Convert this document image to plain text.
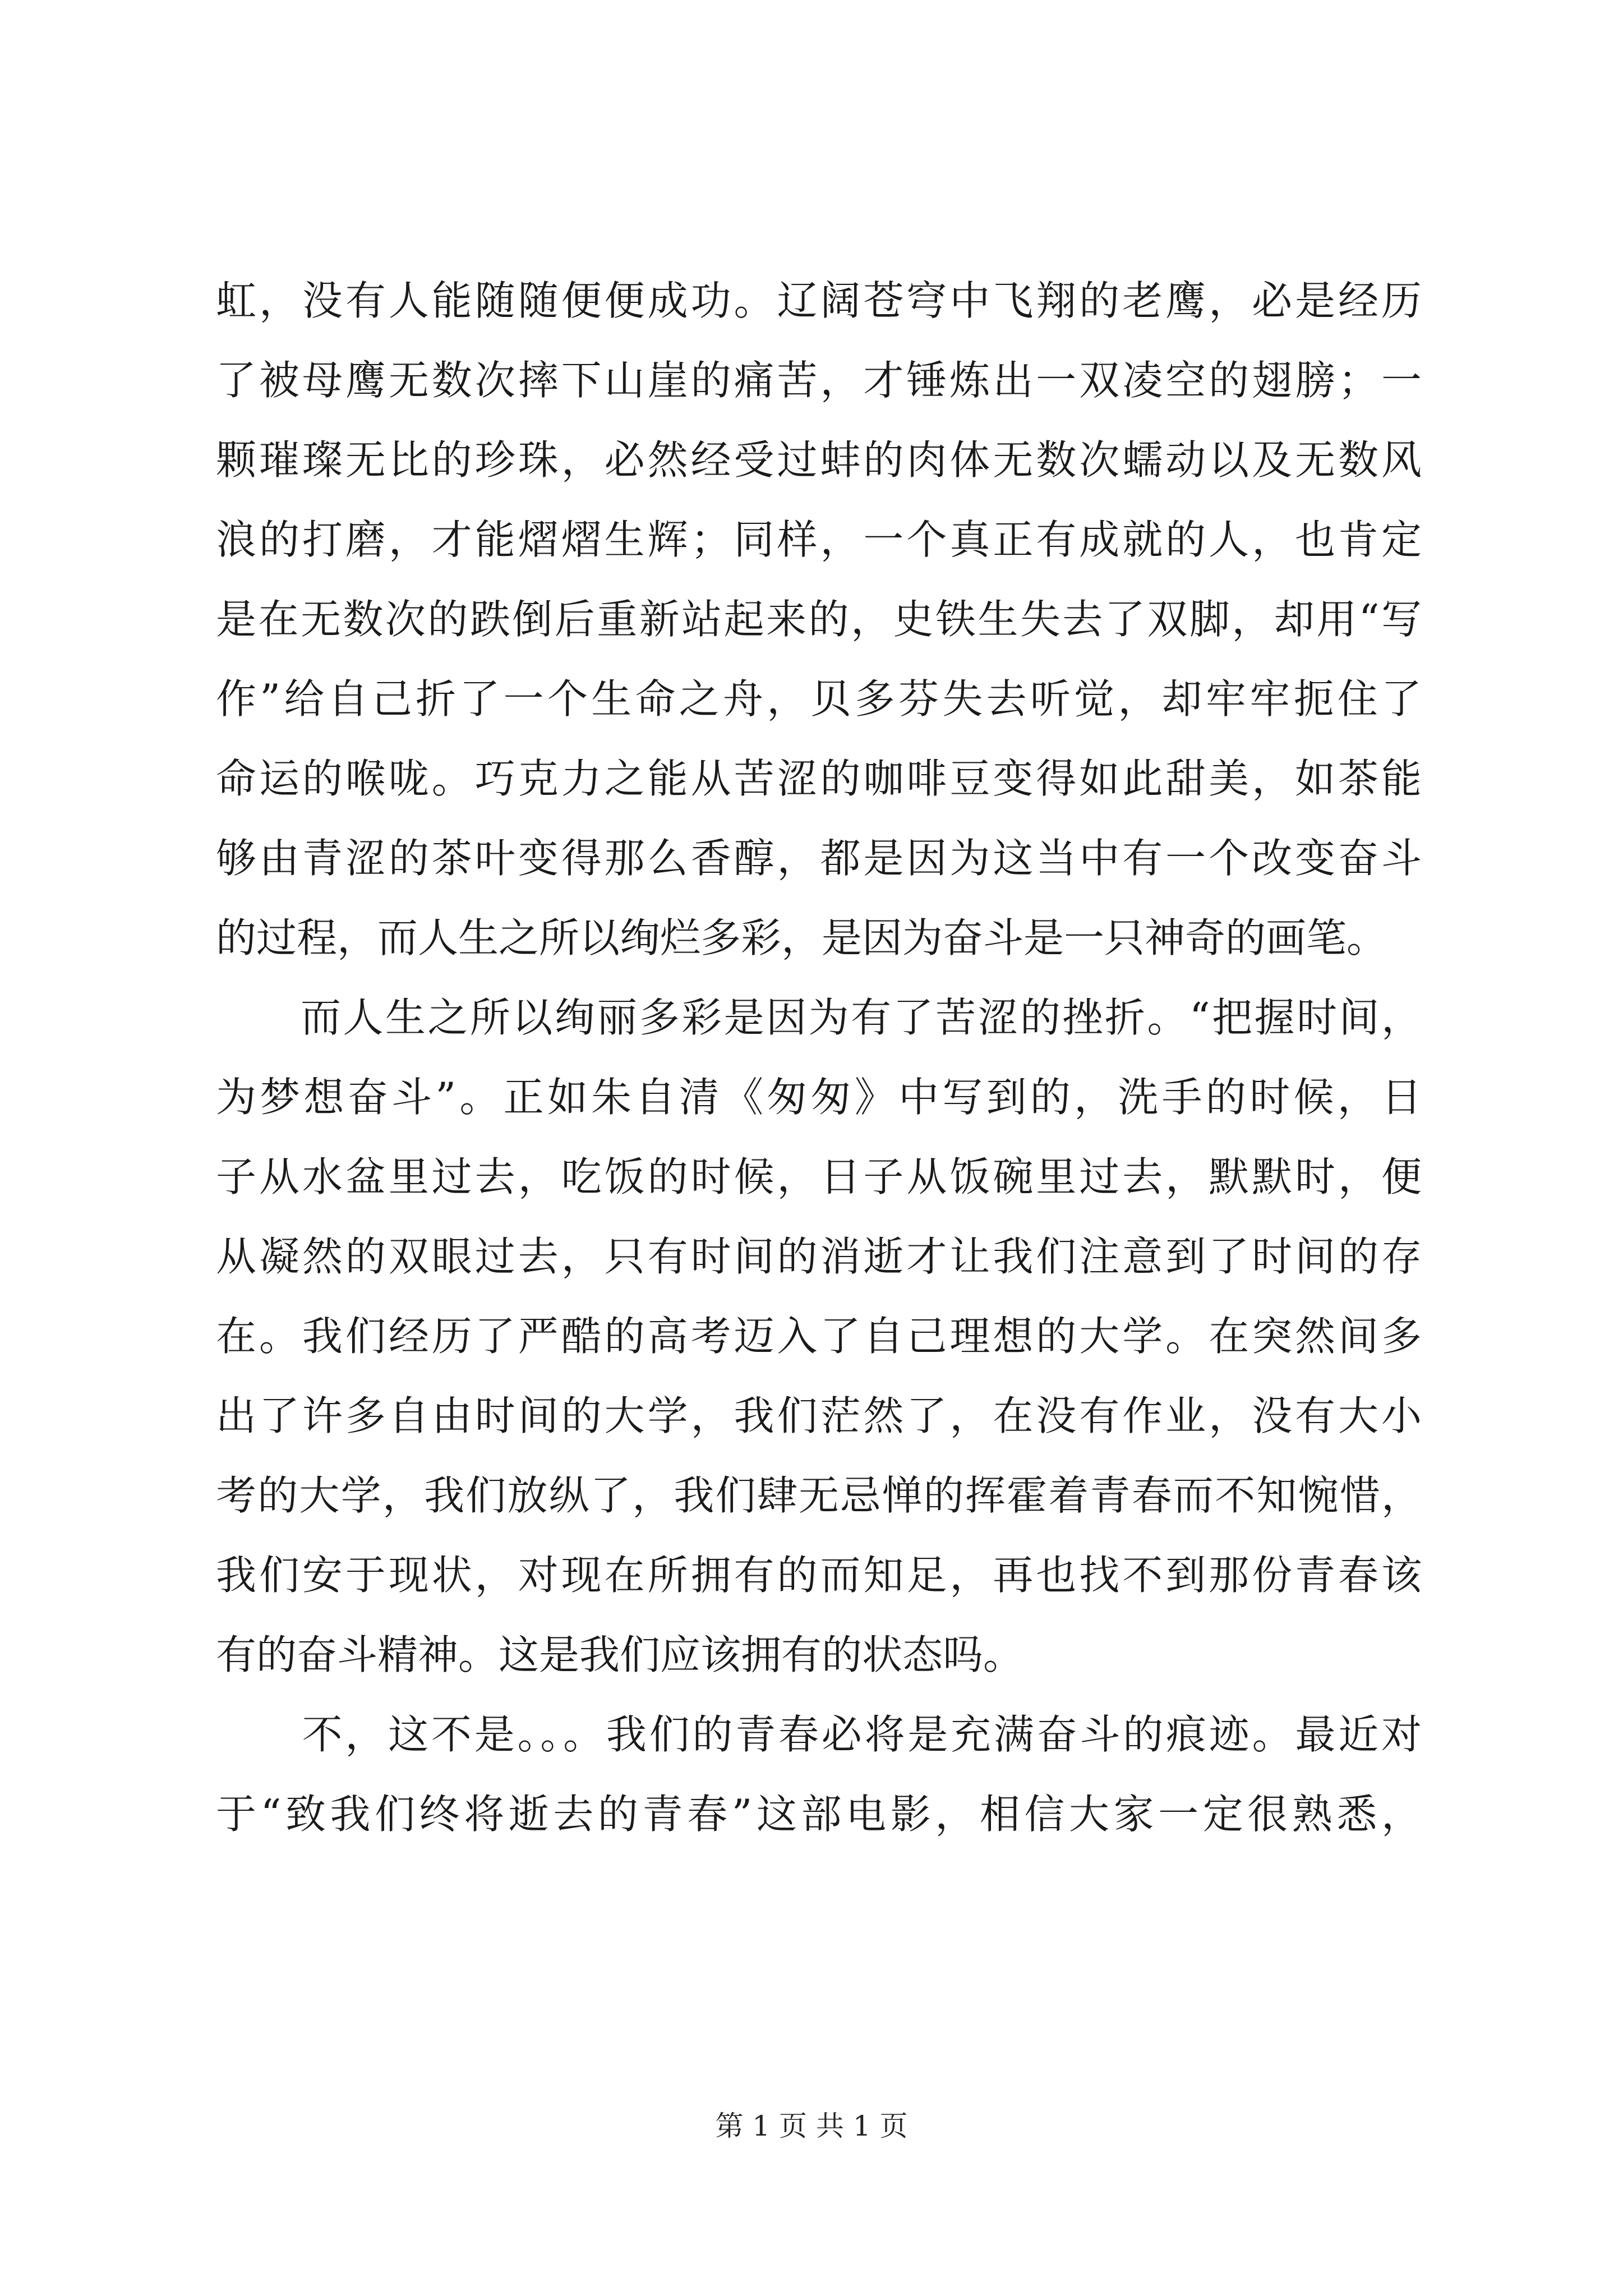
虹，没有人能随随便便成功。辽阔苍穹中飞翔的老鹰，必是经历
了被母鹰无数次摔下山崖的痛苦，才锤炼出一双凌空的翅膀；一
颗璀璨无比的珍珠，必然经受过蚌的肉体无数次蠕动以及无数风
浪的打磨，才能熠熠生辉；同样，一个真正有成就的人，也肯定
是在无数次的跌倒后重新站起来的，史铁生失去了双脚，却用“写
作”给自己折了一个生命之舟，贝多芬失去听觉，却牢牢扼住了
命运的喉咙。巧克力之能从苦涩的咖啡豆变得如此甜美，如茶能
够由青涩的茶叶变得那么香醇，都是因为这当中有一个改变奋斗
的过程，而人生之所以绚烂多彩，是因为奋斗是一只神奇的画笔。
　　而人生之所以绚丽多彩是因为有了苦涩的挫折。“把握时间，
为梦想奋斗”。正如朱自清《匆匆》中写到的，洗手的时候，日
子从水盆里过去，吃饭的时候，日子从饭碗里过去，默默时，便
从凝然的双眼过去，只有时间的消逝才让我们注意到了时间的存
在。我们经历了严酷的高考迈入了自己理想的大学。在突然间多
出了许多自由时间的大学，我们茫然了，在没有作业，没有大小
考的大学，我们放纵了，我们肆无忌惮的挥霍着青春而不知惋惜，
我们安于现状，对现在所拥有的而知足，再也找不到那份青春该
有的奋斗精神。这是我们应该拥有的状态吗。
　　不，这不是。。。我们的青春必将是充满奋斗的痕迹。最近对
于“致我们终将逝去的青春”这部电影，相信大家一定很熟悉，
第 1 页 共 1 页
